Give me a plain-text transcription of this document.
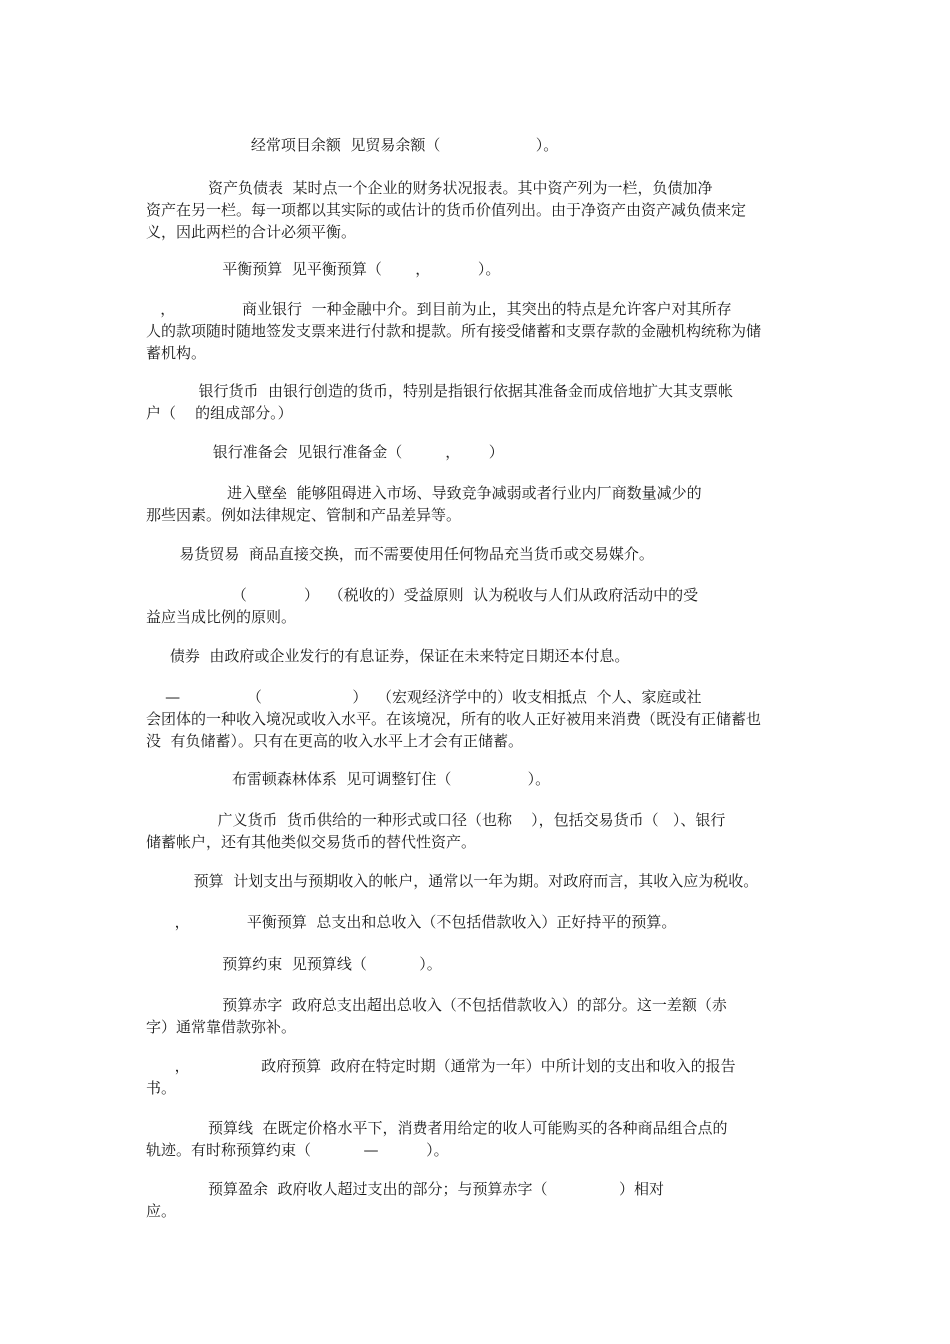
经常项目余额  见贸易余额（                    ）。
资产负债表  某时点一个企业的财务状况报表。其中资产列为一栏，负债加净
资产在另一栏。每一项都以其实际的或估计的货币价值列出。由于净资产由资产减负债来定
义，因此两栏的合计必须平衡。
平衡预算  见平衡预算（       ，          ）。
，              商业银行  一种金融中介。到目前为止，其突出的特点是允许客户对其所存
人的款项随时随地签发支票来进行付款和提款。所有接受储蓄和支票存款的金融机构统称为储
蓄机构。
银行货币  由银行创造的货币，特别是指银行依据其准备金而成倍地扩大其支票帐
户（    的组成部分。）
银行准备会  见银行准备金（         ，      ）
进入壁垒  能够阻碍进入市场、导致竞争减弱或者行业内厂商数量减少的
那些因素。例如法律规定、管制和产品差异等。
易货贸易  商品直接交换，而不需要使用任何物品充当货币或交易媒介。
（            ）  （税收的）受益原则  认为税收与人们从政府活动中的受
益应当成比例的原则。
债券  由政府或企业发行的有息证券，保证在未来特定日期还本付息。
—              （                   ）  （宏观经济学中的）收支相抵点  个人、家庭或社
会团体的一种收入境况或收入水平。在该境况，所有的收人正好被用来消费（既没有正储蓄也
没  有负储蓄）。只有在更高的收入水平上才会有正储蓄。
布雷顿森林体系  见可调整钉住（                ）。
广义货币  货币供给的一种形式或口径（也称    ），包括交易货币（   ）、银行
储蓄帐户，还有其他类似交易货币的替代性资产。
预算  计划支出与预期收入的帐户，通常以一年为期。对政府而言，其收入应为税收。
，            平衡预算  总支出和总收入（不包括借款收入）正好持平的预算。
预算约束  见预算线（           ）。
预算赤字  政府总支出超出总收入（不包括借款收入）的部分。这一差额（赤
字）通常靠借款弥补。
，               政府预算  政府在特定时期（通常为一年）中所计划的支出和收入的报告
书。
预算线  在既定价格水平下，消费者用给定的收人可能购买的各种商品组合点的
轨迹。有时称预算约束（           —          ）。
预算盈余  政府收人超过支出的部分；与预算赤字（               ）相对
应。
